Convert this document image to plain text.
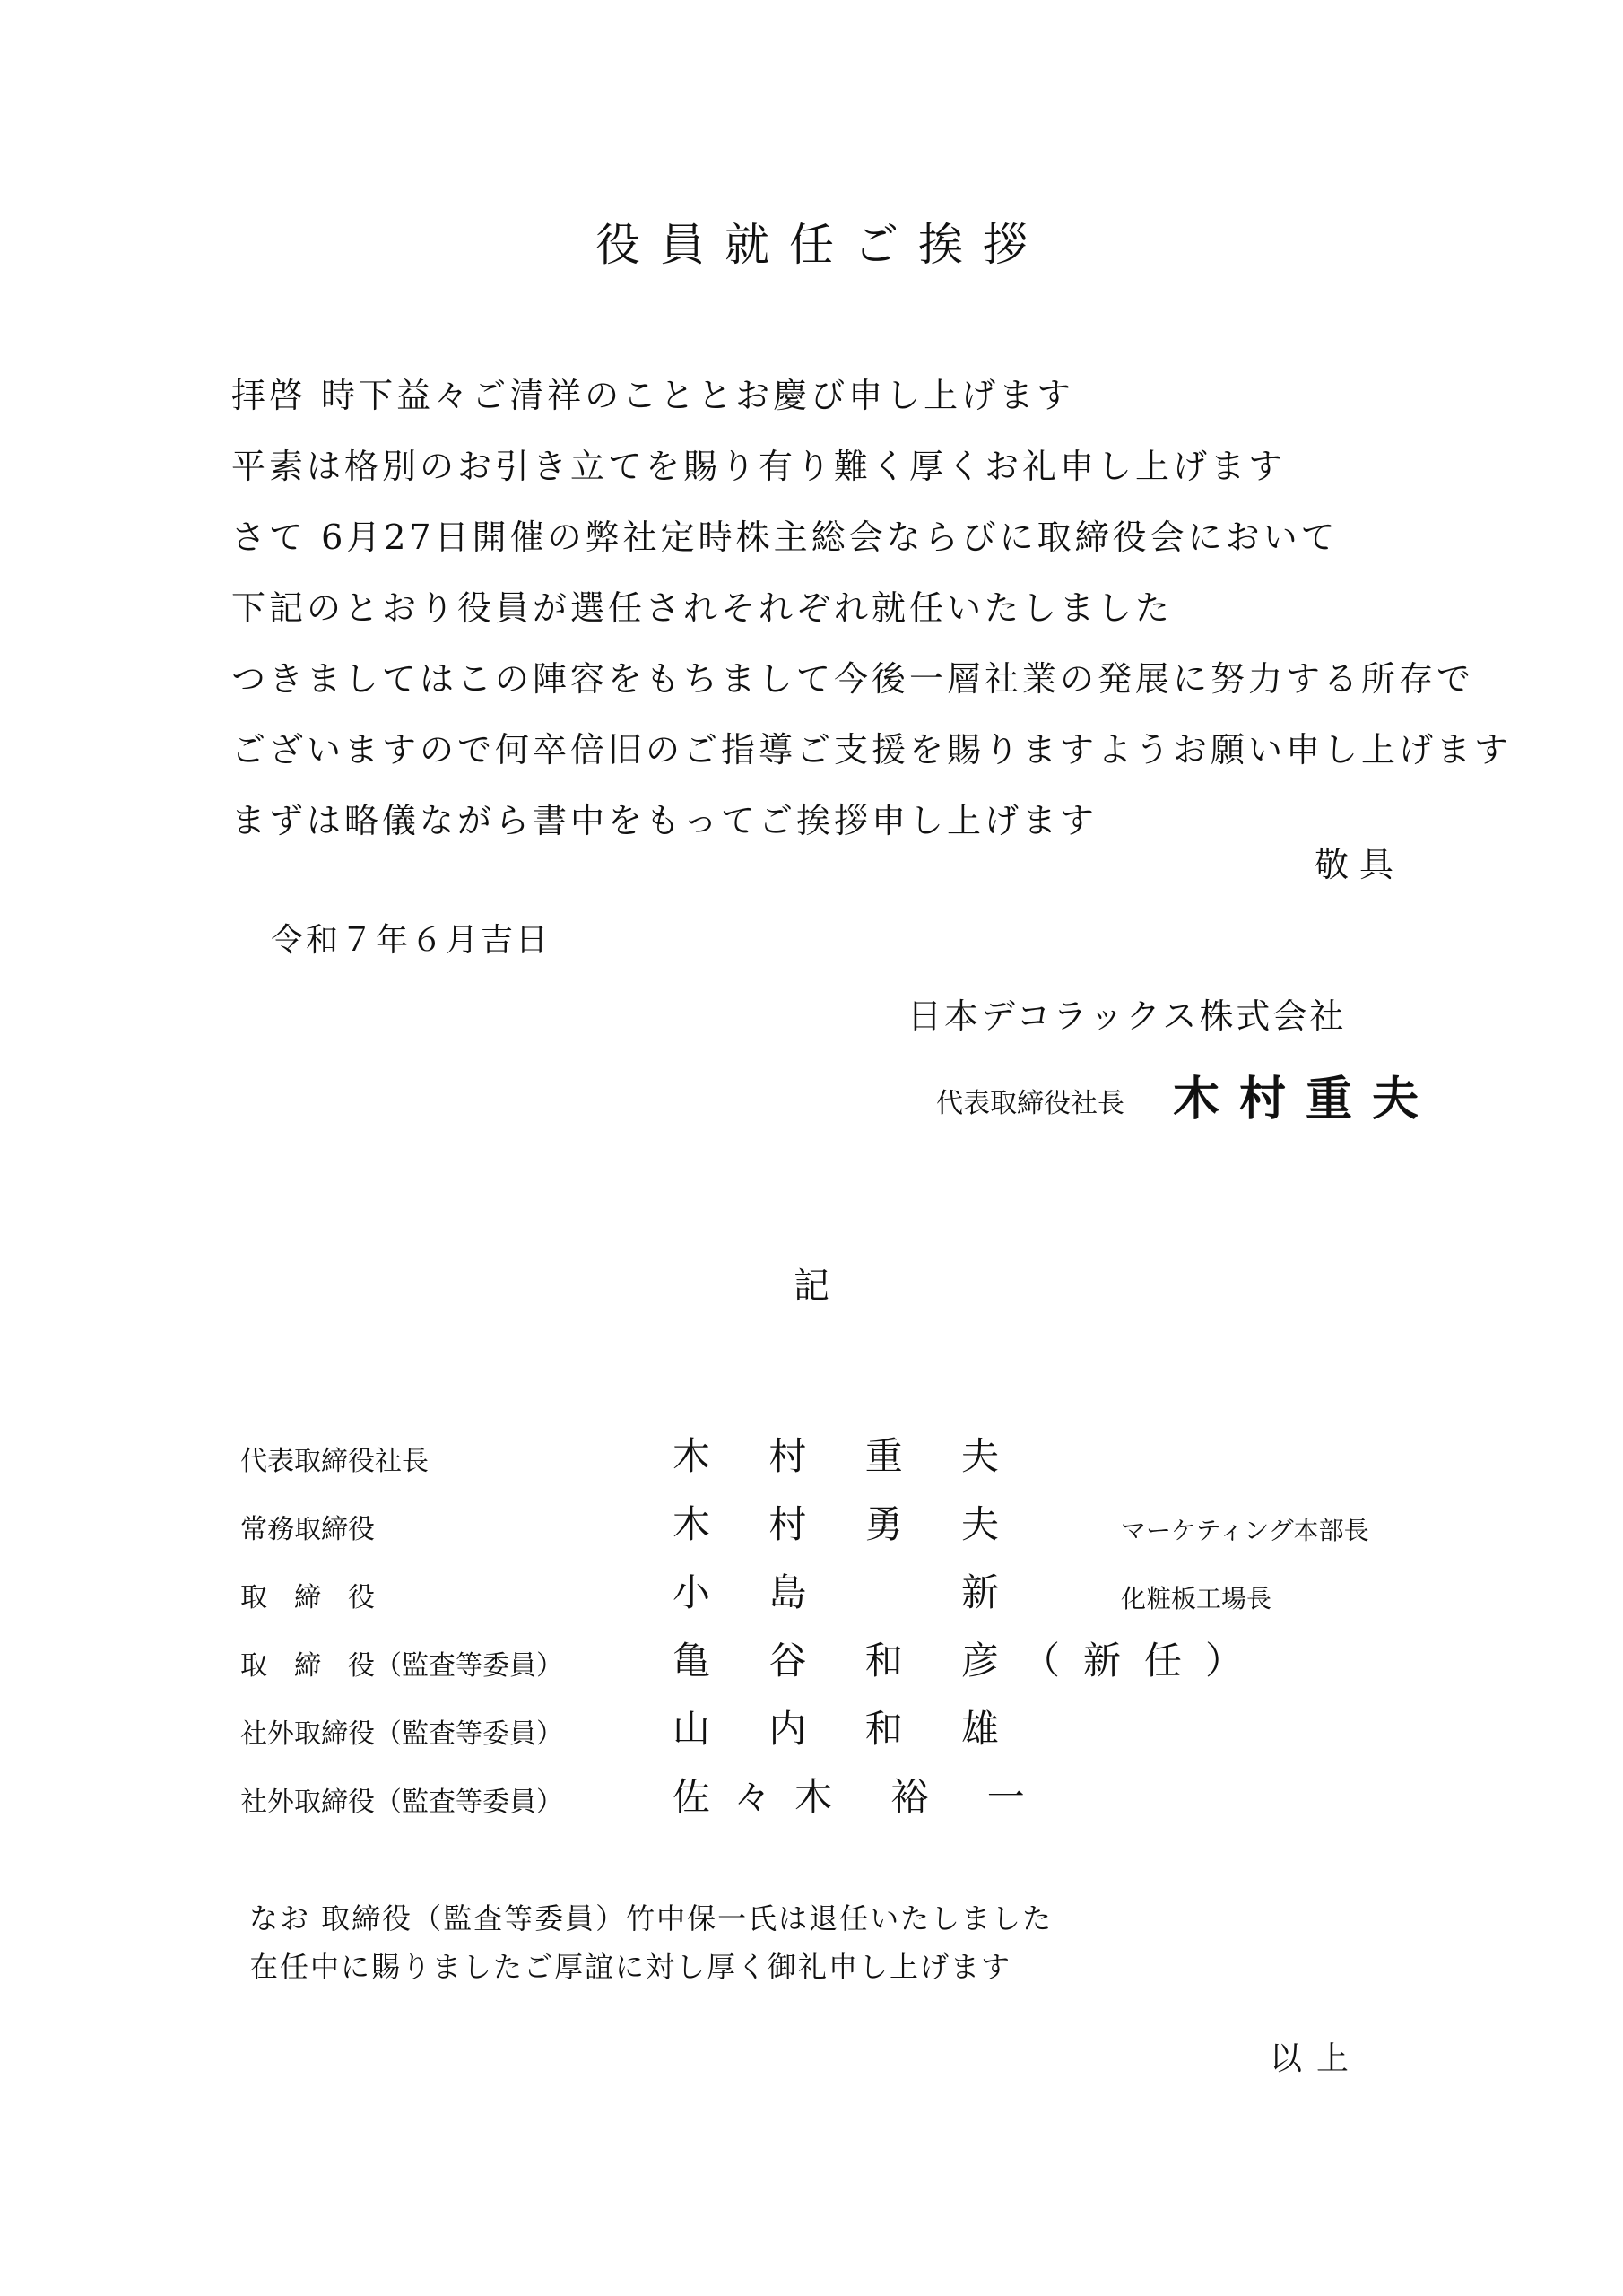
役員就任ご挨拶
拝啓 時下益々ご清祥のこととお慶び申し上げます
平素は格別のお引き立てを賜り有り難く厚くお礼申し上げます
さて 6月27日開催の弊社定時株主総会ならびに取締役会において
下記のとおり役員が選任されそれぞれ就任いたしました
つきましてはこの陣容をもちまして今後一層社業の発展に努力する所存で
ございますので何卒倍旧のご指導ご支援を賜りますようお願い申し上げます
まずは略儀ながら書中をもってご挨拶申し上げます
敬具
令和７年６月吉日
日本デコラックス株式会社
代表取締役社長 木村重夫
記
代表取締役社長	木 村 重 夫
常務取締役	木 村 勇 夫	マーケティング本部長
取　締　役	小 島 　 新	化粧板工場長
取　締　役（監査等委員）	亀 谷 和 彦（新任）
社外取締役（監査等委員）	山 内 和 雄
社外取締役（監査等委員）	佐々木 裕 一
なお 取締役（監査等委員）竹中保一氏は退任いたしました
在任中に賜りましたご厚誼に対し厚く御礼申し上げます
以上
